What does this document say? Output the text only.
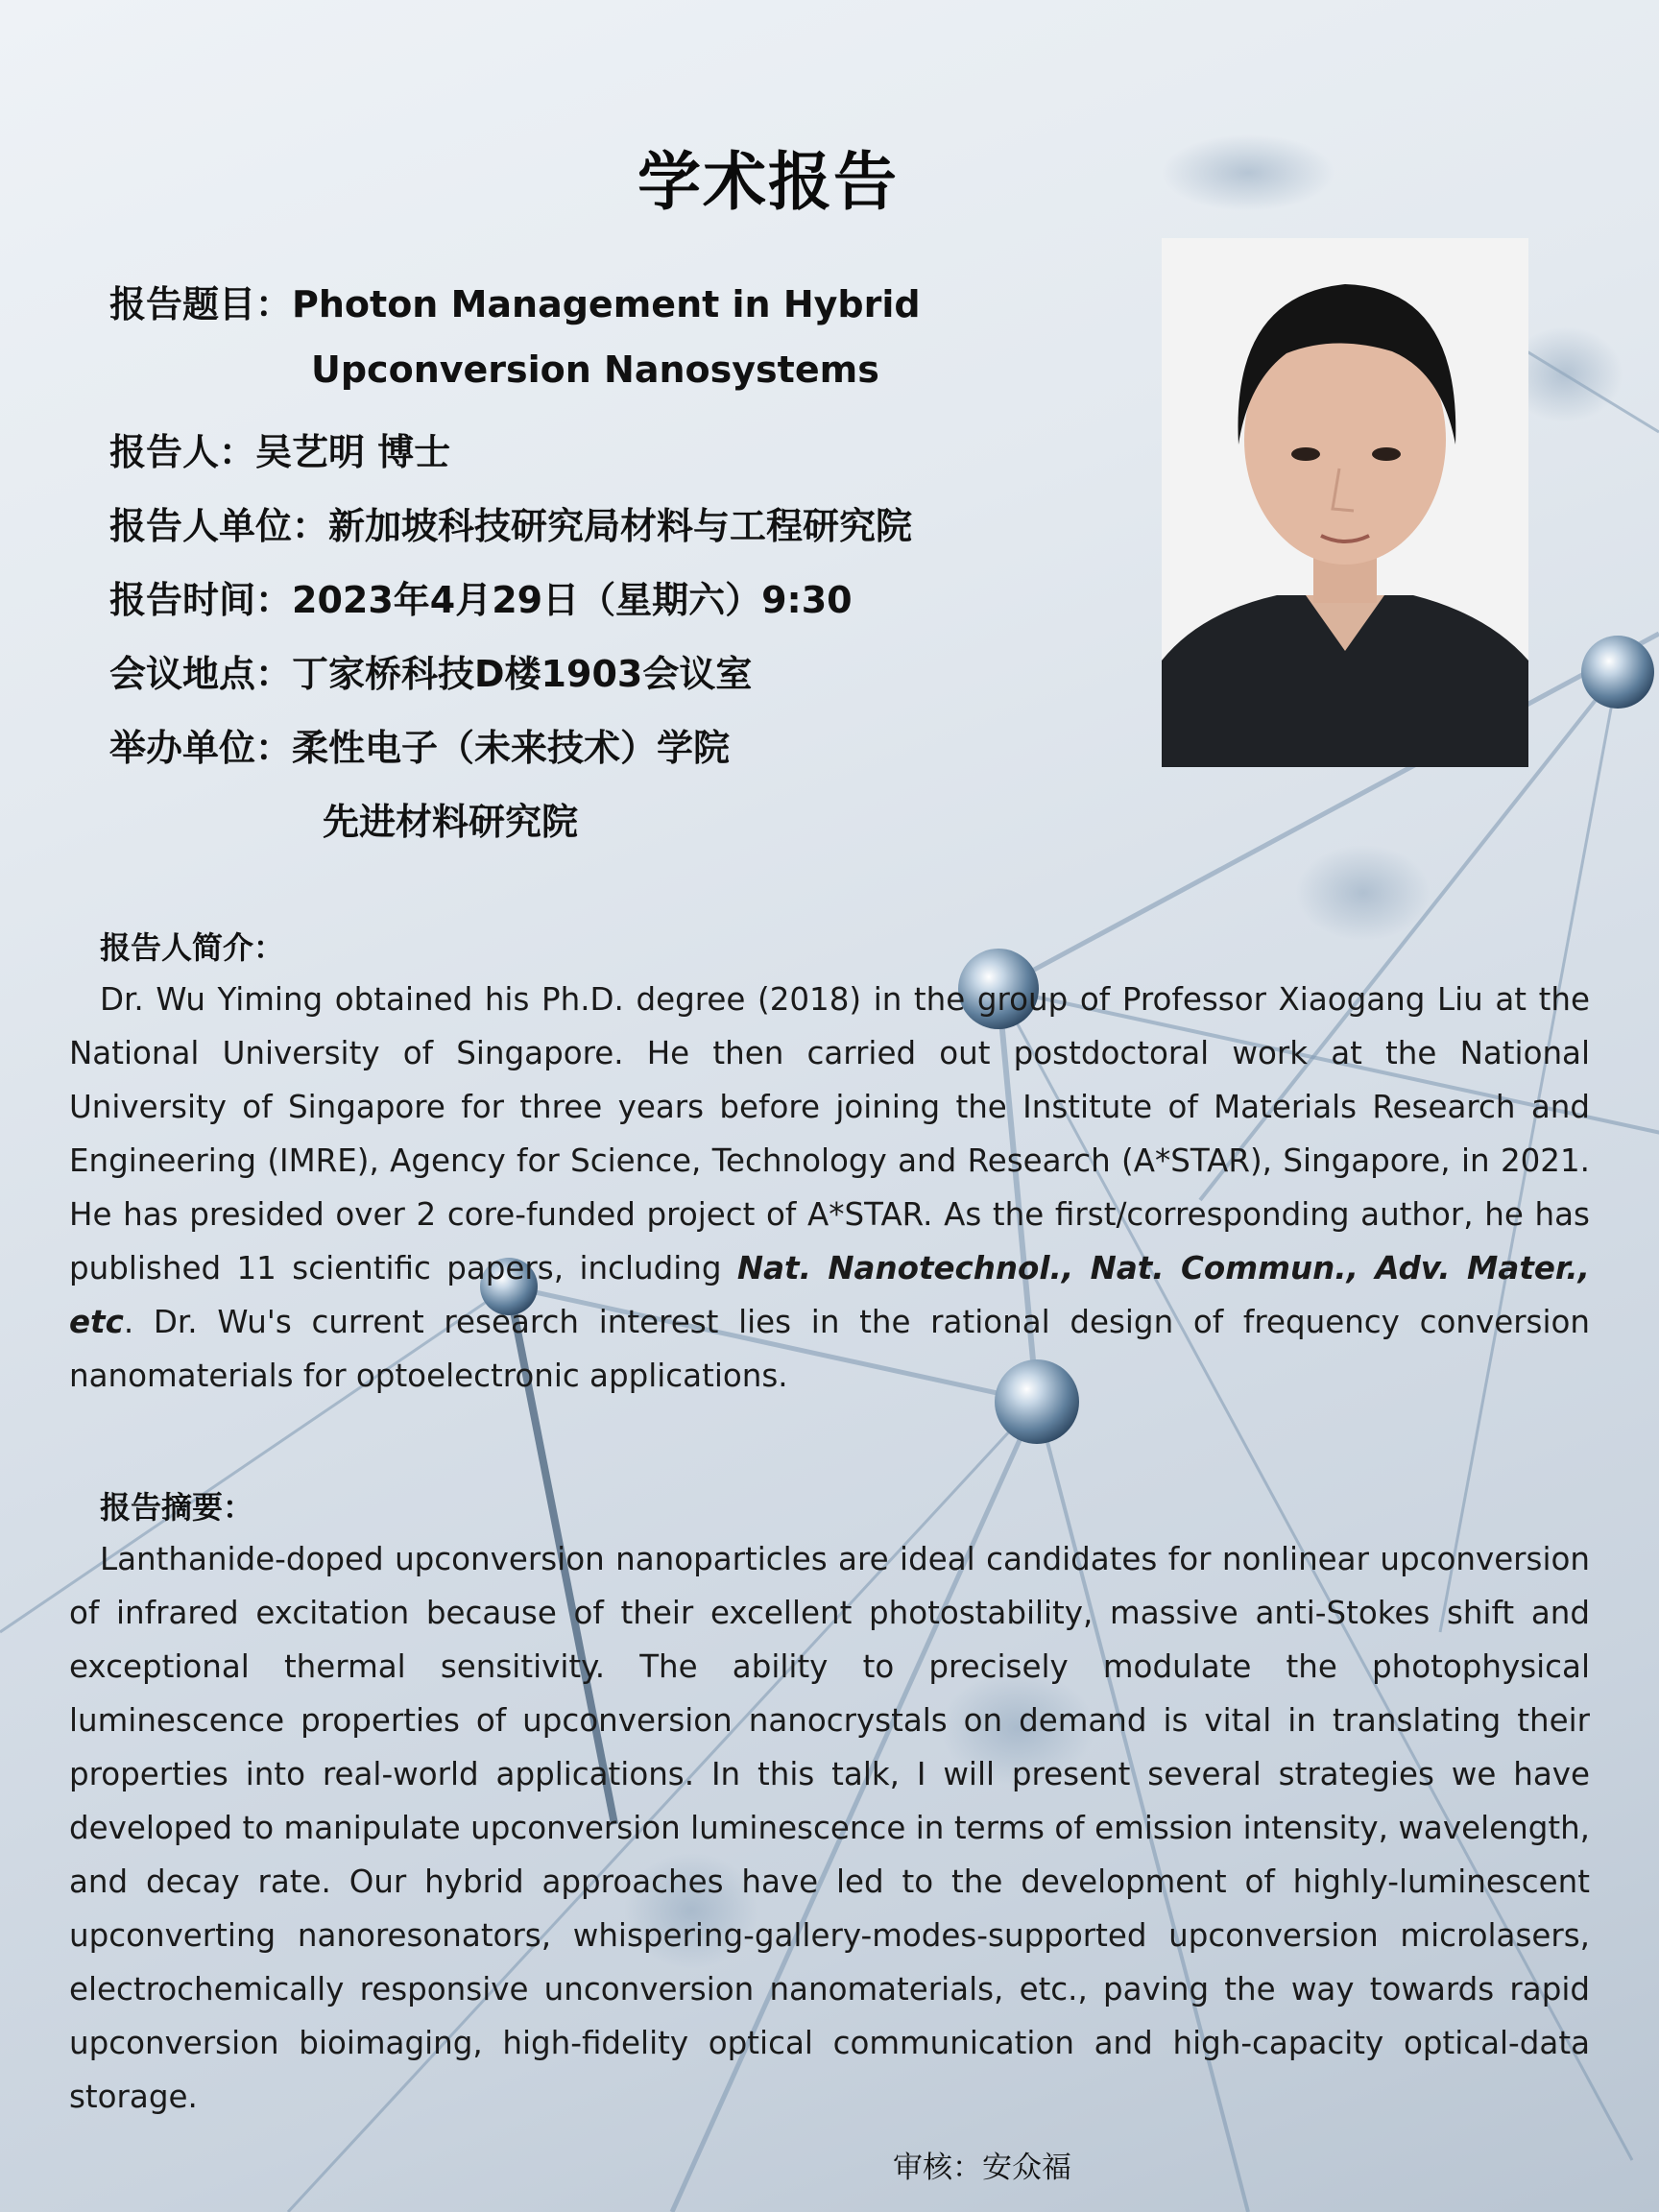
学术报告
报告题目：Photon Management in Hybrid
Upconversion Nanosystems
报告人：吴艺明 博士
报告人单位：新加坡科技研究局材料与工程研究院
报告时间：2023年4月29日（星期六）9:30
会议地点：丁家桥科技D楼1903会议室
举办单位：柔性电子（未来技术）学院
先进材料研究院
报告人简介：
Dr. Wu Yiming obtained his Ph.D. degree (2018) in the group of Professor Xiaogang Liu at the National University of Singapore. He then carried out postdoctoral work at the National University of Singapore for three years before joining the Institute of Materials Research and Engineering (IMRE), Agency for Science, Technology and Research (A*STAR), Singapore, in 2021. He has presided over 2 core-funded project of A*STAR. As the first/corresponding author, he has published 11 scientific papers, including Nat. Nanotechnol., Nat. Commun., Adv. Mater., etc. Dr. Wu's current research interest lies in the rational design of frequency conversion nanomaterials for optoelectronic applications.
报告摘要：
Lanthanide-doped upconversion nanoparticles are ideal candidates for nonlinear upconversion of infrared excitation because of their excellent photostability, massive anti-Stokes shift and exceptional thermal sensitivity. The ability to precisely modulate the photophysical luminescence properties of upconversion nanocrystals on demand is vital in translating their properties into real-world applications. In this talk, I will present several strategies we have developed to manipulate upconversion luminescence in terms of emission intensity, wavelength, and decay rate. Our hybrid approaches have led to the development of highly-luminescent upconverting nanoresonators, whispering-gallery-modes-supported upconversion microlasers, electrochemically responsive unconversion nanomaterials, etc., paving the way towards rapid upconversion bioimaging, high-fidelity optical communication and high-capacity optical-data storage.
审核：安众福
